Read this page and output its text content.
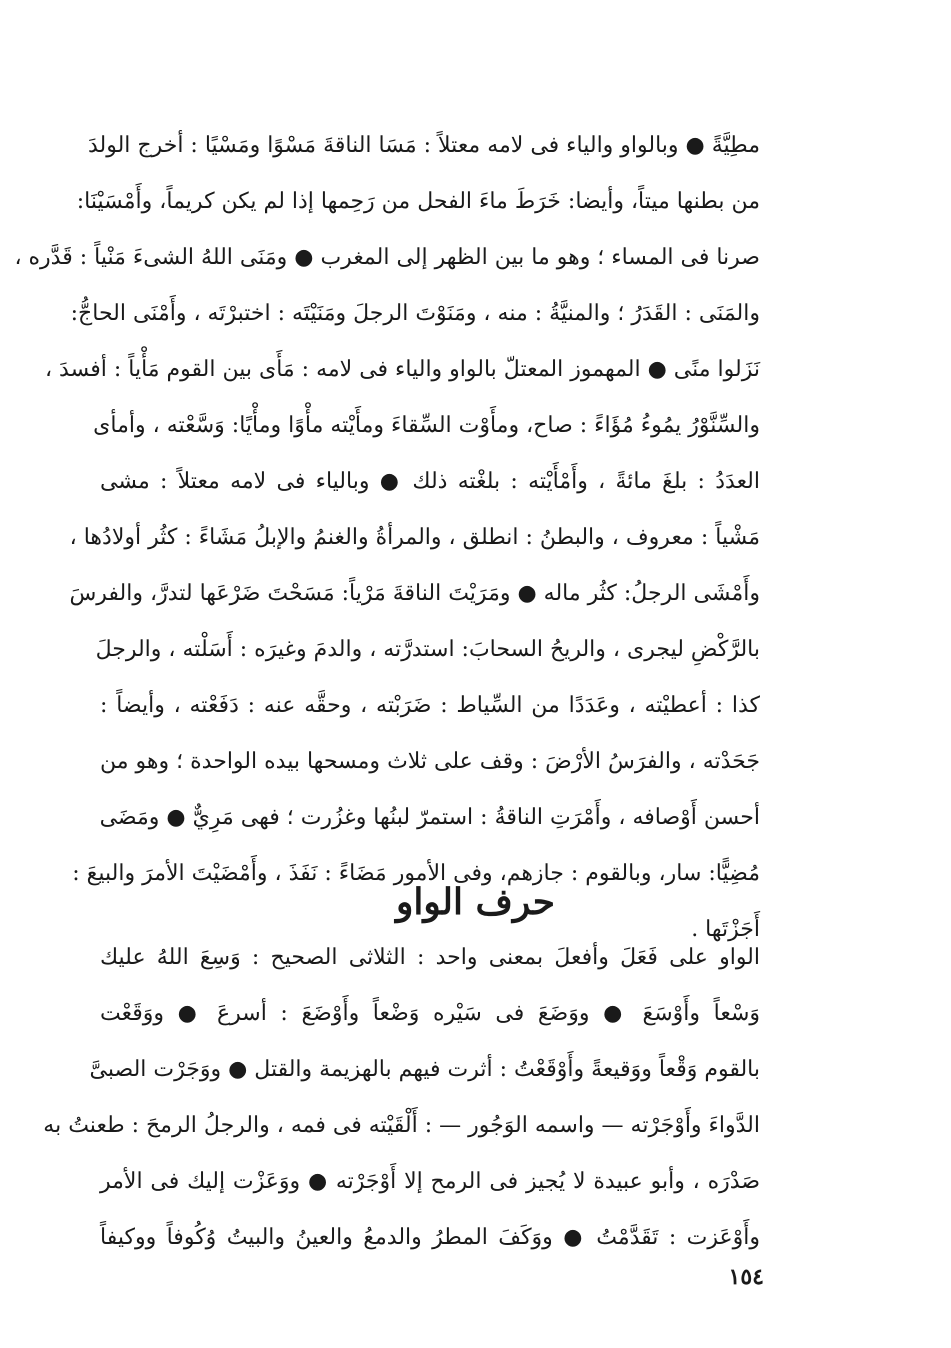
مطِيَّةً ● وبالواو والياء فى لامه معتلاً : مَسَا الناقةَ مَسْوًا ومَسْيًا : أخرج الولدَ
من بطنها ميتاً، وأيضا: خَرَطَ ماءَ الفحل من رَحِمها إذا لم يكن كريماً، وأَمْسَيْنَا:
صرنا فى المساء ؛ وهو ما بين الظهر إلى المغرب ● ومَنَى اللهُ الشىءَ مَنْياً : قَدَّره ،
والمَنَى : القَدَرُ ؛ والمنيَّةُ : منه ، ومَنَوْتَ الرجلَ ومَنَيْتَه : اختبرْتَه ، وأَمْنَى الحاجُّ:
نَزَلوا منًى ● المهموز المعتلّ بالواو والياء فى لامه : مَأَى بين القوم مَأْياً : أفسدَ ،
والسِّنَّوْرُ يمُوءُ مُؤَاءً : صاح، ومأَوْت السِّقاءَ ومأَيْته مأْوًا ومأْيًا: وَسَّعْته ، وأمأى
العدَدُ : بلغَ مائةً ، وأَمْأَيْته : بلغْته ذلك ● وبالياء فى لامه معتلاً : مشى
مَشْياً : معروف ، والبطنُ : انطلق ، والمرأةُ والغنمُ والإبلُ مَشَاءً : كثُر أولادُها ،
وأَمْشَى الرجلُ: كثُر ماله ● ومَرَيْتَ الناقةَ مَرْياً: مَسَحْتَ ضَرْعَها لتدرَّ، والفرسَ
بالرَّكْضِ ليجرى ، والريحُ السحابَ: استدرَّته ، والدمَ وغيرَه : أَسَلْته ، والرجلَ
كذا : أعطيْته ، وعَدَدًا من السِّياط : ضَرَبْته ، وحقَّه عنه : دَفَعْته ، وأيضاً :
جَحَدْته ، والفرَسُ الأرْضَ : وقف على ثلاث ومسحها بيده الواحدة ؛ وهو من
أحسن أَوْصافه ، وأَمْرَتِ الناقةُ : استمرّ لبنُها وغزُرت ؛ فهى مَرِيٌّ ● ومَضَى
مُضِيًّا: سار، وبالقوم : جازهم، وفى الأمور مَضَاءً : نَفَذَ ، وأَمْضَيْتَ الأمرَ والبيعَ :
أَجَزْتَها .
حرف الواو
الواو على فَعَلَ وأفعلَ بمعنى واحد : الثلاثى الصحيح : وَسِعَ اللهُ عليك
وَسْعاً وأَوْسَعَ ● ووَضَعَ فى سَيْره وَضْعاً وأَوْضَعَ : أسرعَ ● ووَقَعْت
بالقوم وَقْعاً ووَقيعةً وأَوْقَعْتُ : أثرت فيهم بالهزيمة والقتل ● ووَجَرْت الصبىَّ
الدَّواءَ وأَوْجَرْته — واسمه الوَجُور — : أَلْقَيْته فى فمه ، والرجلُ الرمحَ : طعنتُ به
صَدْرَه ، وأبو عبيدة لا يُجيز فى الرمح إلا أَوْجَرْته ● ووَعَزْت إليك فى الأمر
وأَوْعَزت : تَقَدَّمْتُ ● ووَكَفَ المطرُ والدمعُ والعينُ والبيتُ وُكُوفاً ووكيفاً
١٥٤
